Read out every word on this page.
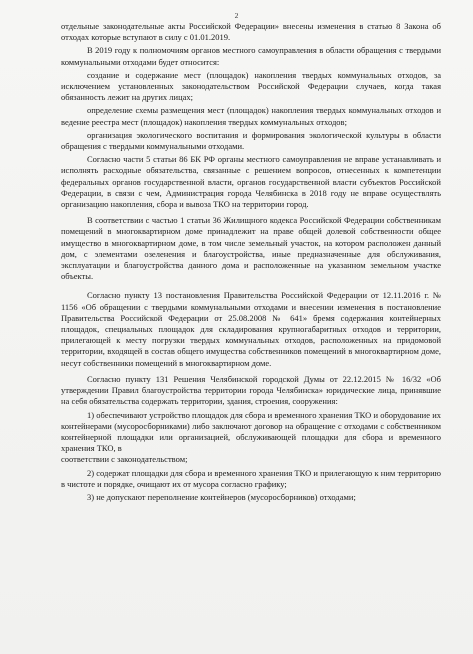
2

отдельные законодательные акты Российской Федерации» внесены изменения в статью 8 Закона об отходах которые вступают в силу с 01.01.2019.

В 2019 году к полномочиям органов местного самоуправления в области обращения с твердыми коммунальными отходами будет относится:

создание и содержание мест (площадок) накопления твердых коммунальных отходов, за исключением установленных законодательством Российской Федерации случаев, когда такая обязанность лежит на других лицах;

определение схемы размещения мест (площадок) накопления твердых коммунальных отходов и ведение реестра мест (площадок) накопления твердых коммунальных отходов;

организация экологического воспитания и формирования экологической культуры в области обращения с твердыми коммунальными отходами.

Согласно части 5 статьи 86 БК РФ органы местного самоуправления не вправе устанавливать и исполнять расходные обязательства, связанные с решением вопросов, отнесенных к компетенции федеральных органов государственной власти, органов государственной власти субъектов Российской Федерации, в связи с чем, Администрация города Челябинска в 2018 году не вправе осуществлять организацию накопления, сбора и вывоза ТКО на территории город.

В соответствии с частью 1 статьи 36 Жилищного кодекса Российской Федерации собственникам помещений в многоквартирном доме принадлежит на праве общей долевой собственности общее имущество в многоквартирном доме, в том числе земельный участок, на котором расположен данный дом, с элементами озеленения и благоустройства, иные предназначенные для обслуживания, эксплуатации и благоустройства данного дома и расположенные на указанном земельном участке объекты.

Согласно пункту 13 постановления Правительства Российской Федерации от 12.11.2016 г. № 1156 «Об обращении с твердыми коммунальными отходами и внесении изменения в постановление Правительства Российской Федерации от 25.08.2008 № 641» бремя содержания контейнерных площадок, специальных площадок для складирования крупногабаритных отходов и территории, прилегающей к месту погрузки твердых коммунальных отходов, расположенных на придомовой территории, входящей в состав общего имущества собственников помещений в многоквартирном доме, несут собственники помещений в многоквартирном доме.

Согласно пункту 131 Решения Челябинской городской Думы от 22.12.2015 № 16/32 «Об утверждении Правил благоустройства территории города Челябинска» юридические лица, принявшие на себя обязательства содержать территории, здания, строения, сооружения:

1) обеспечивают устройство площадок для сбора и временного хранения ТКО и оборудование их контейнерами (мусоросборниками) либо заключают договор на обращение с отходами с собственником контейнерной площадки или организацией, обслуживающей площадки для сбора и временного хранения ТКО, в

соответствии с законодательством;

2) содержат площадки для сбора и временного хранения ТКО и прилегающую к ним территорию в чистоте и порядке, очищают их от мусора согласно графику;

3) не допускают переполнение контейнеров (мусоросборников) отходами;
